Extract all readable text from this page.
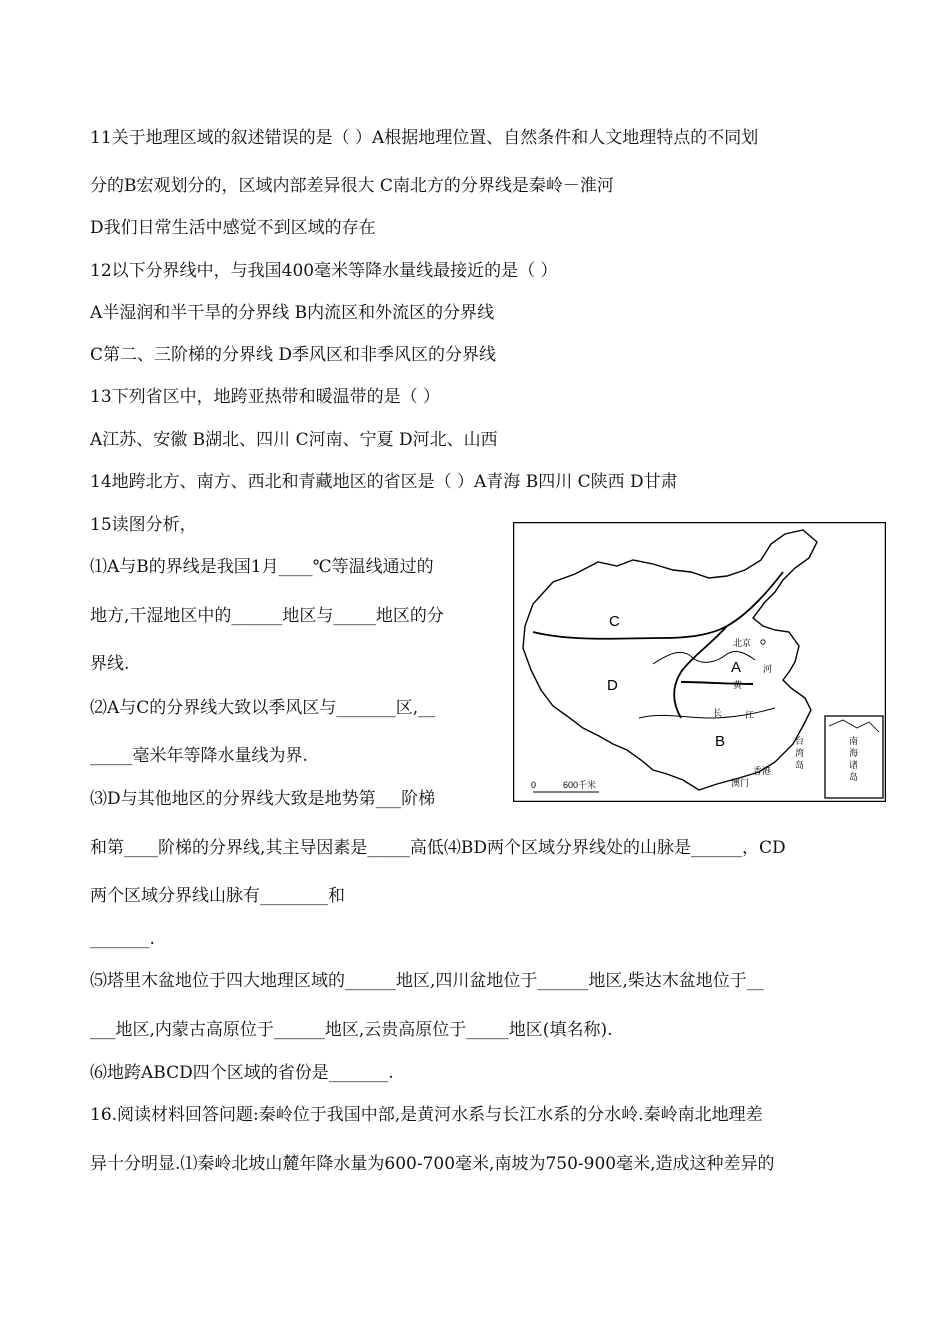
11关于地理区域的叙述错误的是（ ）A根据地理位置、自然条件和人文地理特点的不同划
分的B宏观划分的，区域内部差异很大 C南北方的分界线是秦岭－淮河
D我们日常生活中感觉不到区域的存在
12以下分界线中，与我国400毫米等降水量线最接近的是（ ）
A半湿润和半干旱的分界线 B内流区和外流区的分界线
C第二、三阶梯的分界线 D季风区和非季风区的分界线
13下列省区中，地跨亚热带和暖温带的是（ ）
A江苏、安徽 B湖北、四川 C河南、宁夏 D河北、山西
14地跨北方、南方、西北和青藏地区的省区是（ ）A青海 B四川 C陕西 D甘肃
15读图分析，
⑴A与B的界线是我国1月____℃等温线通过的
地方,干湿地区中的______地区与_____地区的分
界线.
⑵A与C的分界线大致以季风区与_______区,__
_____毫米年等降水量线为界.
⑶D与其他地区的分界线大致是地势第___阶梯
和第____阶梯的分界线,其主导因素是_____高低⑷BD两个区域分界线处的山脉是______，CD
两个区域分界线山脉有________和
_______.
⑸塔里木盆地位于四大地理区域的______地区,四川盆地位于______地区,柴达木盆地位于__
___地区,内蒙古高原位于______地区,云贵高原位于_____地区(填名称).
⑹地跨ABCD四个区域的省份是_______.
16.阅读材料回答问题:秦岭位于我国中部,是黄河水系与长江水系的分水岭.秦岭南北地理差
异十分明显.⑴秦岭北坡山麓年降水量为600-700毫米,南坡为750-900毫米,造成这种差异的
C
D
A
B
北京
黄
河
长	江
台
湾
岛
香港
澳门
0	600千米
南
海
诸
岛
